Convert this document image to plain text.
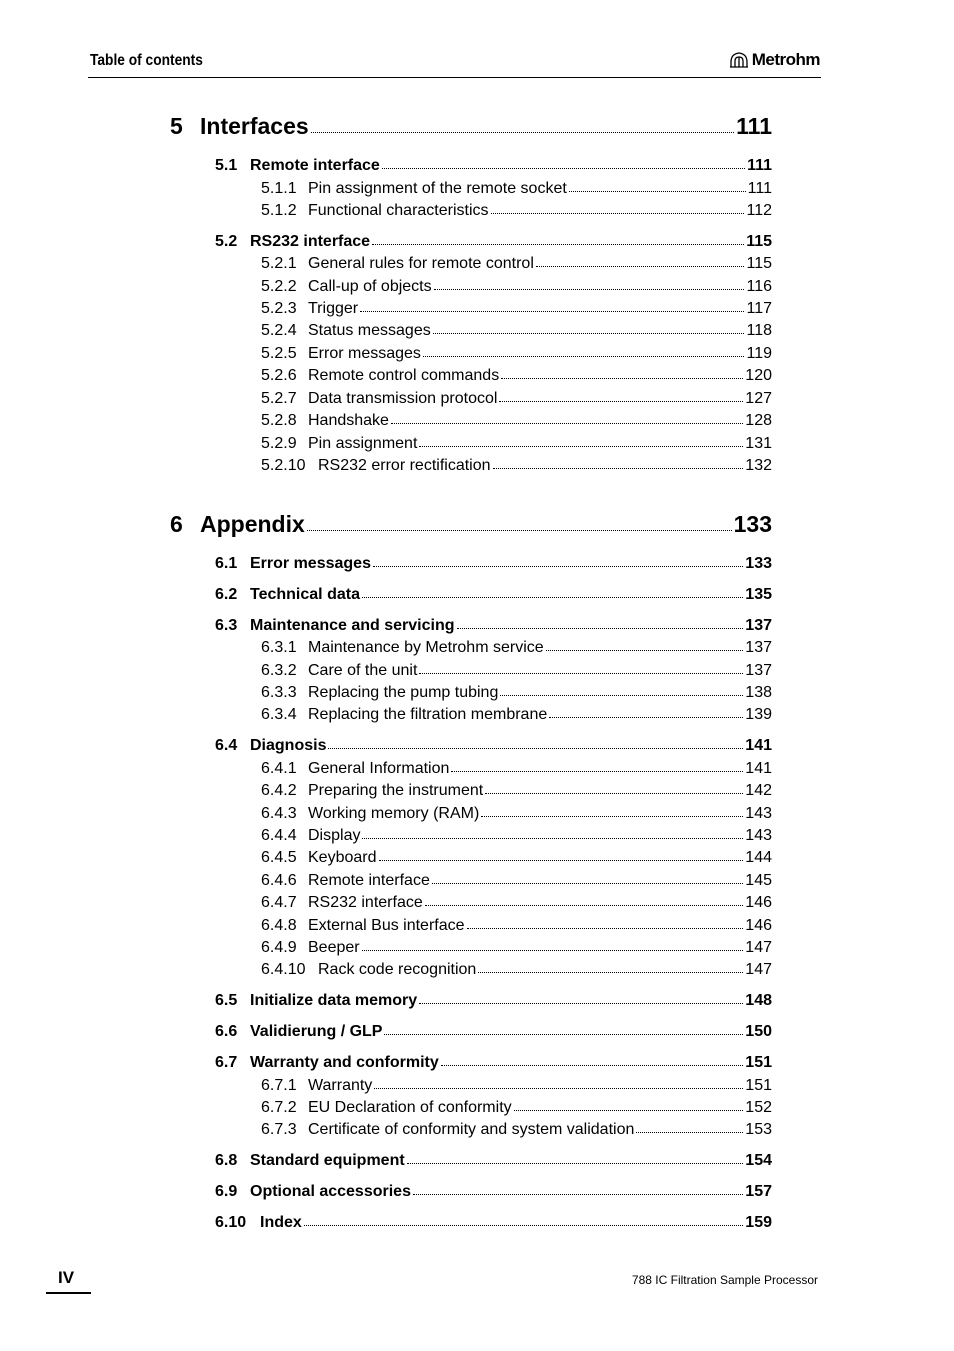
Table of contents	Metrohm
5 Interfaces	111
5.1 Remote interface	111
5.1.1 Pin assignment of the remote socket	111
5.1.2 Functional characteristics	112
5.2 RS232 interface	115
5.2.1 General rules for remote control	115
5.2.2 Call-up of objects	116
5.2.3 Trigger	117
5.2.4 Status messages	118
5.2.5 Error messages	119
5.2.6 Remote control commands	120
5.2.7 Data transmission protocol	127
5.2.8 Handshake	128
5.2.9 Pin assignment	131
5.2.10 RS232 error rectification	132
6 Appendix	133
6.1 Error messages	133
6.2 Technical data	135
6.3 Maintenance and servicing	137
6.3.1 Maintenance by Metrohm service	137
6.3.2 Care of the unit	137
6.3.3 Replacing the pump tubing	138
6.3.4 Replacing the filtration membrane	139
6.4 Diagnosis	141
6.4.1 General Information	141
6.4.2 Preparing the instrument	142
6.4.3 Working memory (RAM)	143
6.4.4 Display	143
6.4.5 Keyboard	144
6.4.6 Remote interface	145
6.4.7 RS232 interface	146
6.4.8 External Bus interface	146
6.4.9 Beeper	147
6.4.10 Rack code recognition	147
6.5 Initialize data memory	148
6.6 Validierung / GLP	150
6.7 Warranty and conformity	151
6.7.1 Warranty	151
6.7.2 EU Declaration of conformity	152
6.7.3 Certificate of conformity and system validation	153
6.8 Standard equipment	154
6.9 Optional accessories	157
6.10 Index	159
IV	788 IC Filtration Sample Processor
